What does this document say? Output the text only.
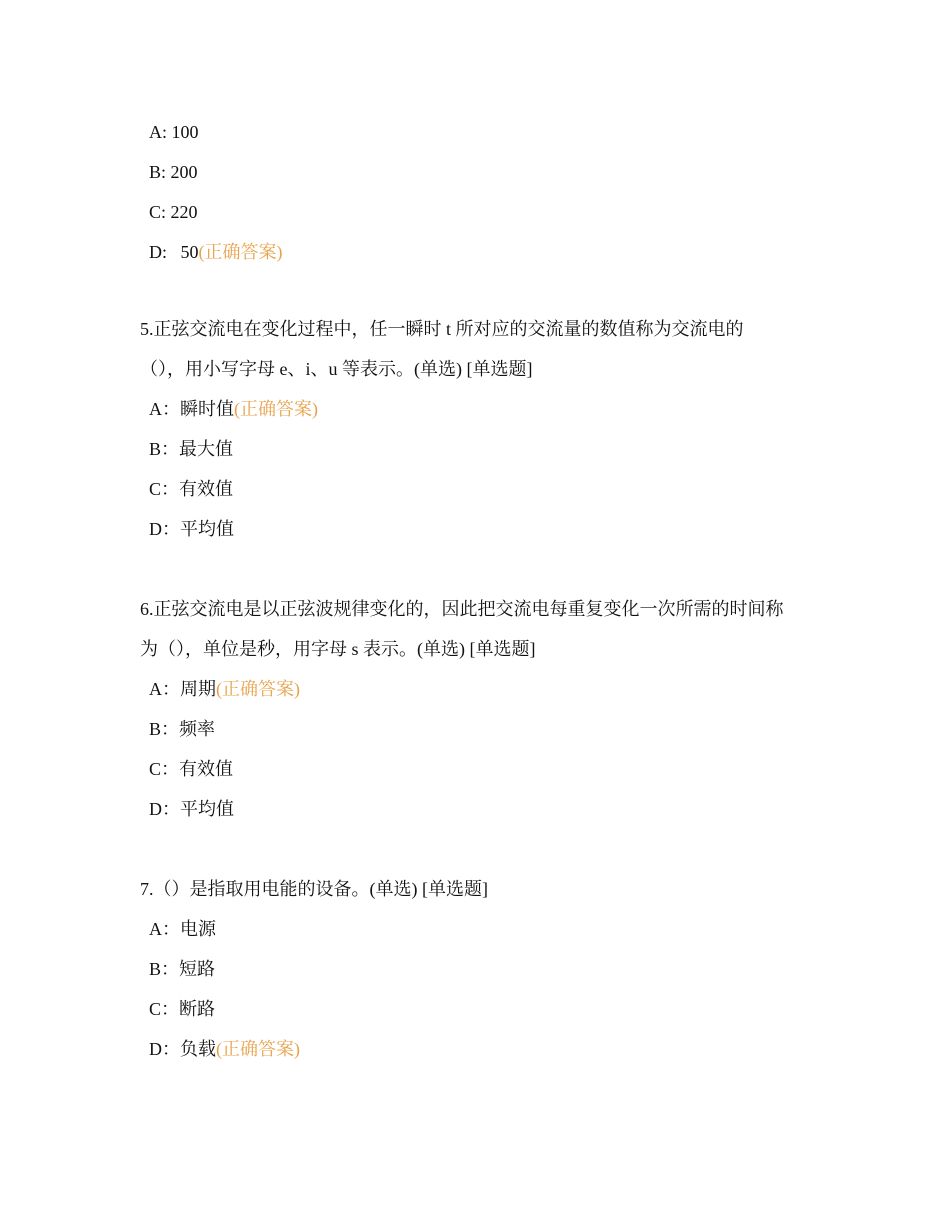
A: 100

B: 200

C: 220

D:   50(正确答案)

5.正弦交流电在变化过程中，任一瞬时 t 所对应的交流量的数值称为交流电的

（），用小写字母 e、i、u 等表示。(单选) [单选题]

A：瞬时值(正确答案)

B：最大值

C：有效值

D：平均值

6.正弦交流电是以正弦波规律变化的，因此把交流电每重复变化一次所需的时间称

为（），单位是秒，用字母 s 表示。(单选) [单选题]

A：周期(正确答案)

B：频率

C：有效值

D：平均值

7.（）是指取用电能的设备。(单选) [单选题]

A：电源

B：短路

C：断路

D：负载(正确答案)
